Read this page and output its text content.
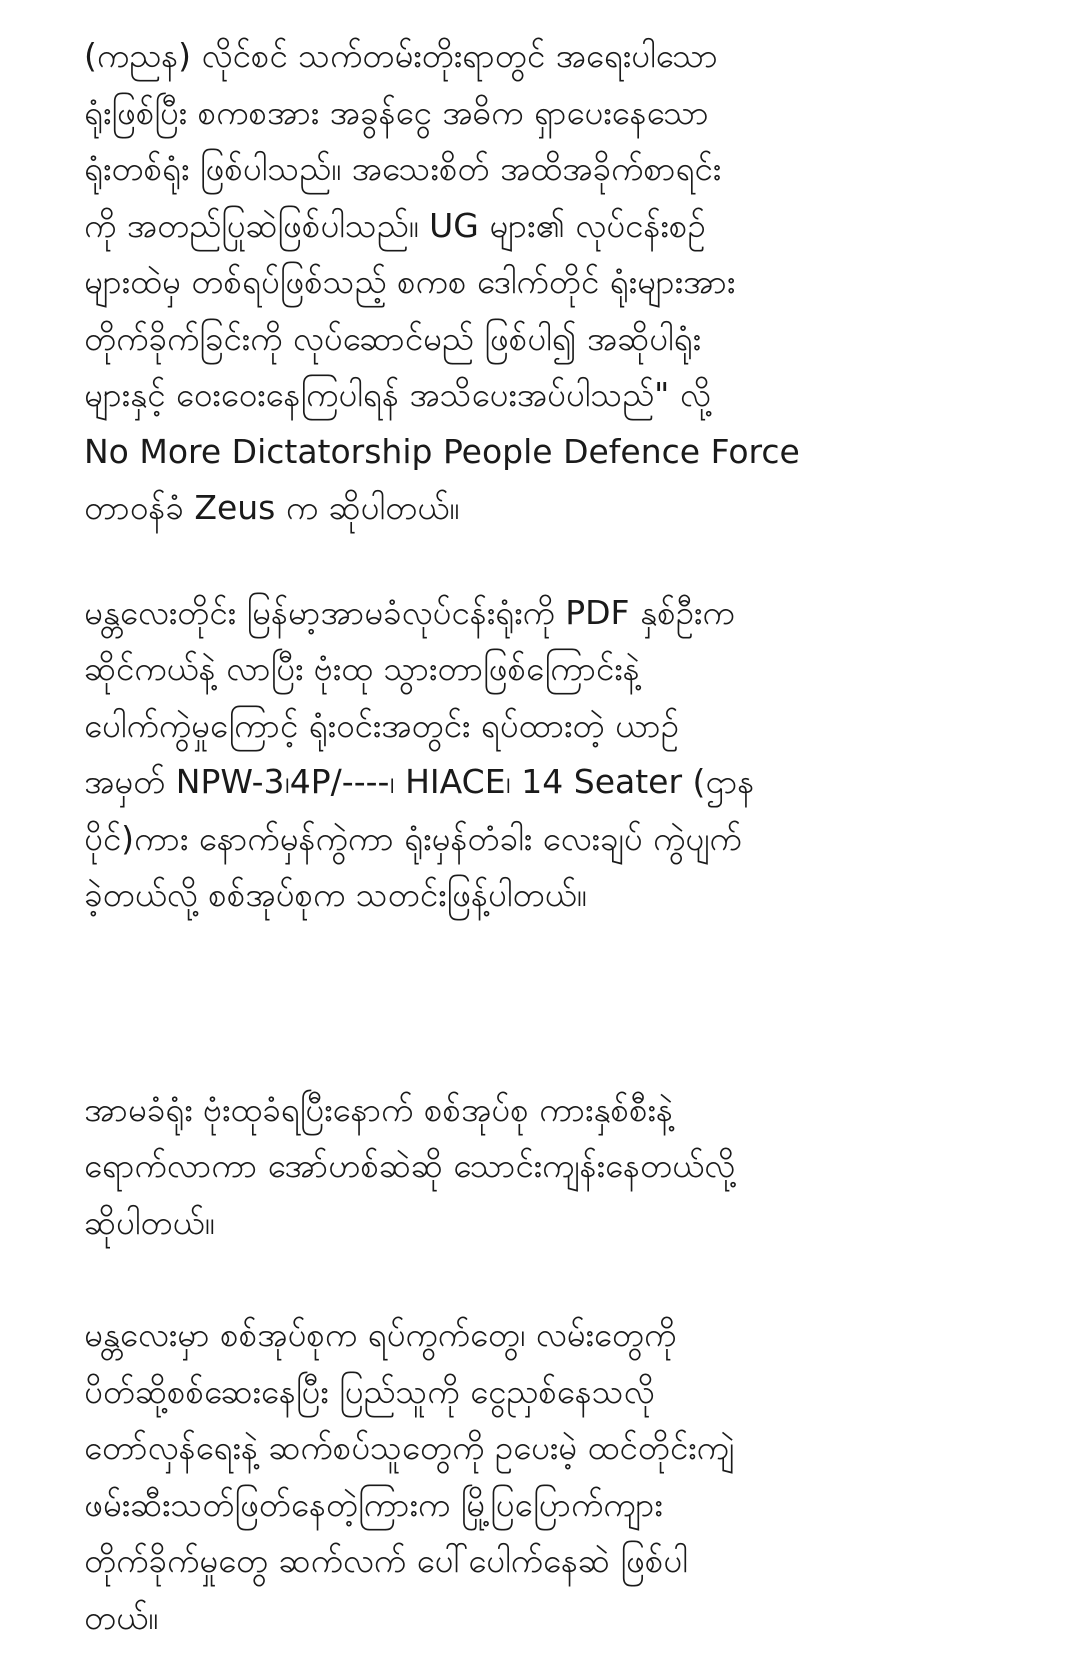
(ကညန) လိုင်စင် သက်တမ်းတိုးရာတွင် အရေးပါသော
ရုံးဖြစ်ပြီး စကစအား အခွန်ငွေ အဓိက ရှာပေးနေသော
ရုံးတစ်ရုံး ဖြစ်ပါသည်။ အသေးစိတ် အထိအခိုက်စာရင်း
ကို အတည်ပြုဆဲဖြစ်ပါသည်။ UG များ၏ လုပ်ငန်းစဉ်
များထဲမှ တစ်ရပ်ဖြစ်သည့် စကစ ဒေါက်တိုင် ရုံးများအား
တိုက်ခိုက်ခြင်းကို လုပ်ဆောင်မည် ဖြစ်ပါ၍ အဆိုပါရုံး
များနှင့် ဝေးဝေးနေကြပါရန် အသိပေးအပ်ပါသည်" လို့
No More Dictatorship People Defence Force
တာဝန်ခံ Zeus က ဆိုပါတယ်။

မန္တလေးတိုင်း မြန်မာ့အာမခံလုပ်ငန်းရုံးကို PDF နှစ်ဦးက
ဆိုင်ကယ်နဲ့ လာပြီး ဗုံးထု သွားတာဖြစ်ကြောင်းနဲ့
ပေါက်ကွဲမှုကြောင့် ရုံးဝင်းအတွင်း ရပ်ထားတဲ့ ယာဉ်
အမှတ် NPW-3၊4P/----၊ HIACE၊ 14 Seater (ဌာန
ပိုင်)ကား နောက်မှန်ကွဲကာ ရုံးမှန်တံခါး လေးချပ် ကွဲပျက်
ခဲ့တယ်လို့ စစ်အုပ်စုက သတင်းဖြန့်ပါတယ်။

အာမခံရုံး ဗုံးထုခံရပြီးနောက် စစ်အုပ်စု ကားနှစ်စီးနဲ့
ရောက်လာကာ အော်ဟစ်ဆဲဆို သောင်းကျန်းနေတယ်လို့
ဆိုပါတယ်။

မန္တလေးမှာ စစ်အုပ်စုက ရပ်ကွက်တွေ၊ လမ်းတွေကို
ပိတ်ဆို့စစ်ဆေးနေပြီး ပြည်သူကို ငွေညှစ်နေသလို
တော်လှန်ရေးနဲ့ ဆက်စပ်သူတွေကို ဥပေးမဲ့ ထင်တိုင်းကျဲ
ဖမ်းဆီးသတ်ဖြတ်နေတဲ့ကြားက မြို့ပြပြောက်ကျား
တိုက်ခိုက်မှုတွေ ဆက်လက် ပေါ်ပေါက်နေဆဲ ဖြစ်ပါ
တယ်။
